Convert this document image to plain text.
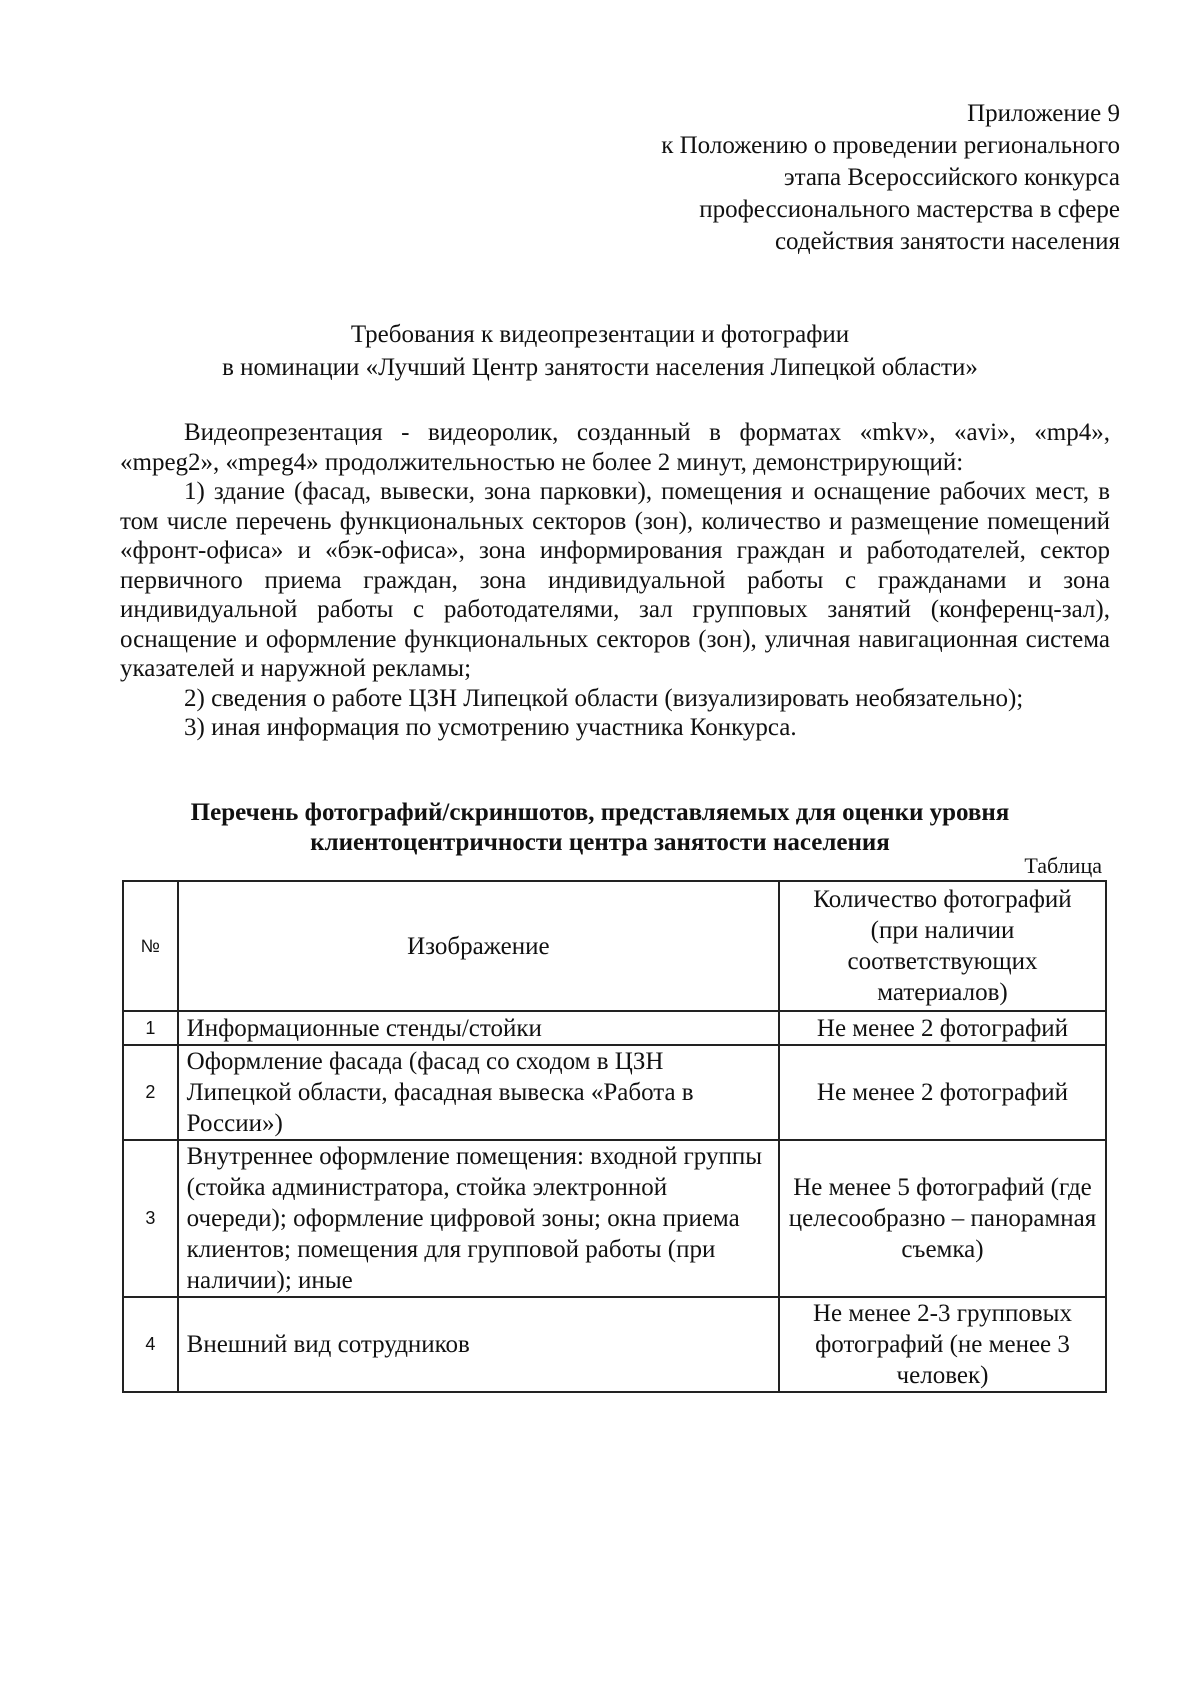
Приложение 9
к Положению о проведении регионального
этапа Всероссийского конкурса
профессионального мастерства в сфере
содействия занятости населения
Требования к видеопрезентации и фотографии
в номинации «Лучший Центр занятости населения Липецкой области»

Видеопрезентация - видеоролик, созданный в форматах «mkv», «avi», «mp4», «mpeg2», «mpeg4» продолжительностью не более 2 минут, демонстрирующий:

1) здание (фасад, вывески, зона парковки), помещения и оснащение рабочих мест, в том числе перечень функциональных секторов (зон), количество и размещение помещений «фронт-офиса» и «бэк-офиса», зона информирования граждан и работодателей, сектор первичного приема граждан, зона индивидуальной работы с гражданами и зона индивидуальной работы с работодателями, зал групповых занятий (конференц-зал), оснащение и оформление функциональных секторов (зон), уличная навигационная система указателей и наружной рекламы;

2) сведения о работе ЦЗН Липецкой области (визуализировать необязательно);

3) иная информация по усмотрению участника Конкурса.

Перечень фотографий/скриншотов, представляемых для оценки уровня
клиентоцентричности центра занятости населения
Таблица
№	Изображение	Количество фотографий (при наличии соответствующих материалов)
1	Информационные стенды/стойки	Не менее 2 фотографий
2	Оформление фасада (фасад со сходом в ЦЗН Липецкой области, фасадная вывеска «Работа в России»)	Не менее 2 фотографий
3	Внутреннее оформление помещения: входной группы (стойка администратора, стойка электронной очереди); оформление цифровой зоны; окна приема клиентов; помещения для групповой работы (при наличии); иные	Не менее 5 фотографий (где целесообразно – панорамная съемка)
4	Внешний вид сотрудников	Не менее 2-3 групповых фотографий (не менее 3 человек)
